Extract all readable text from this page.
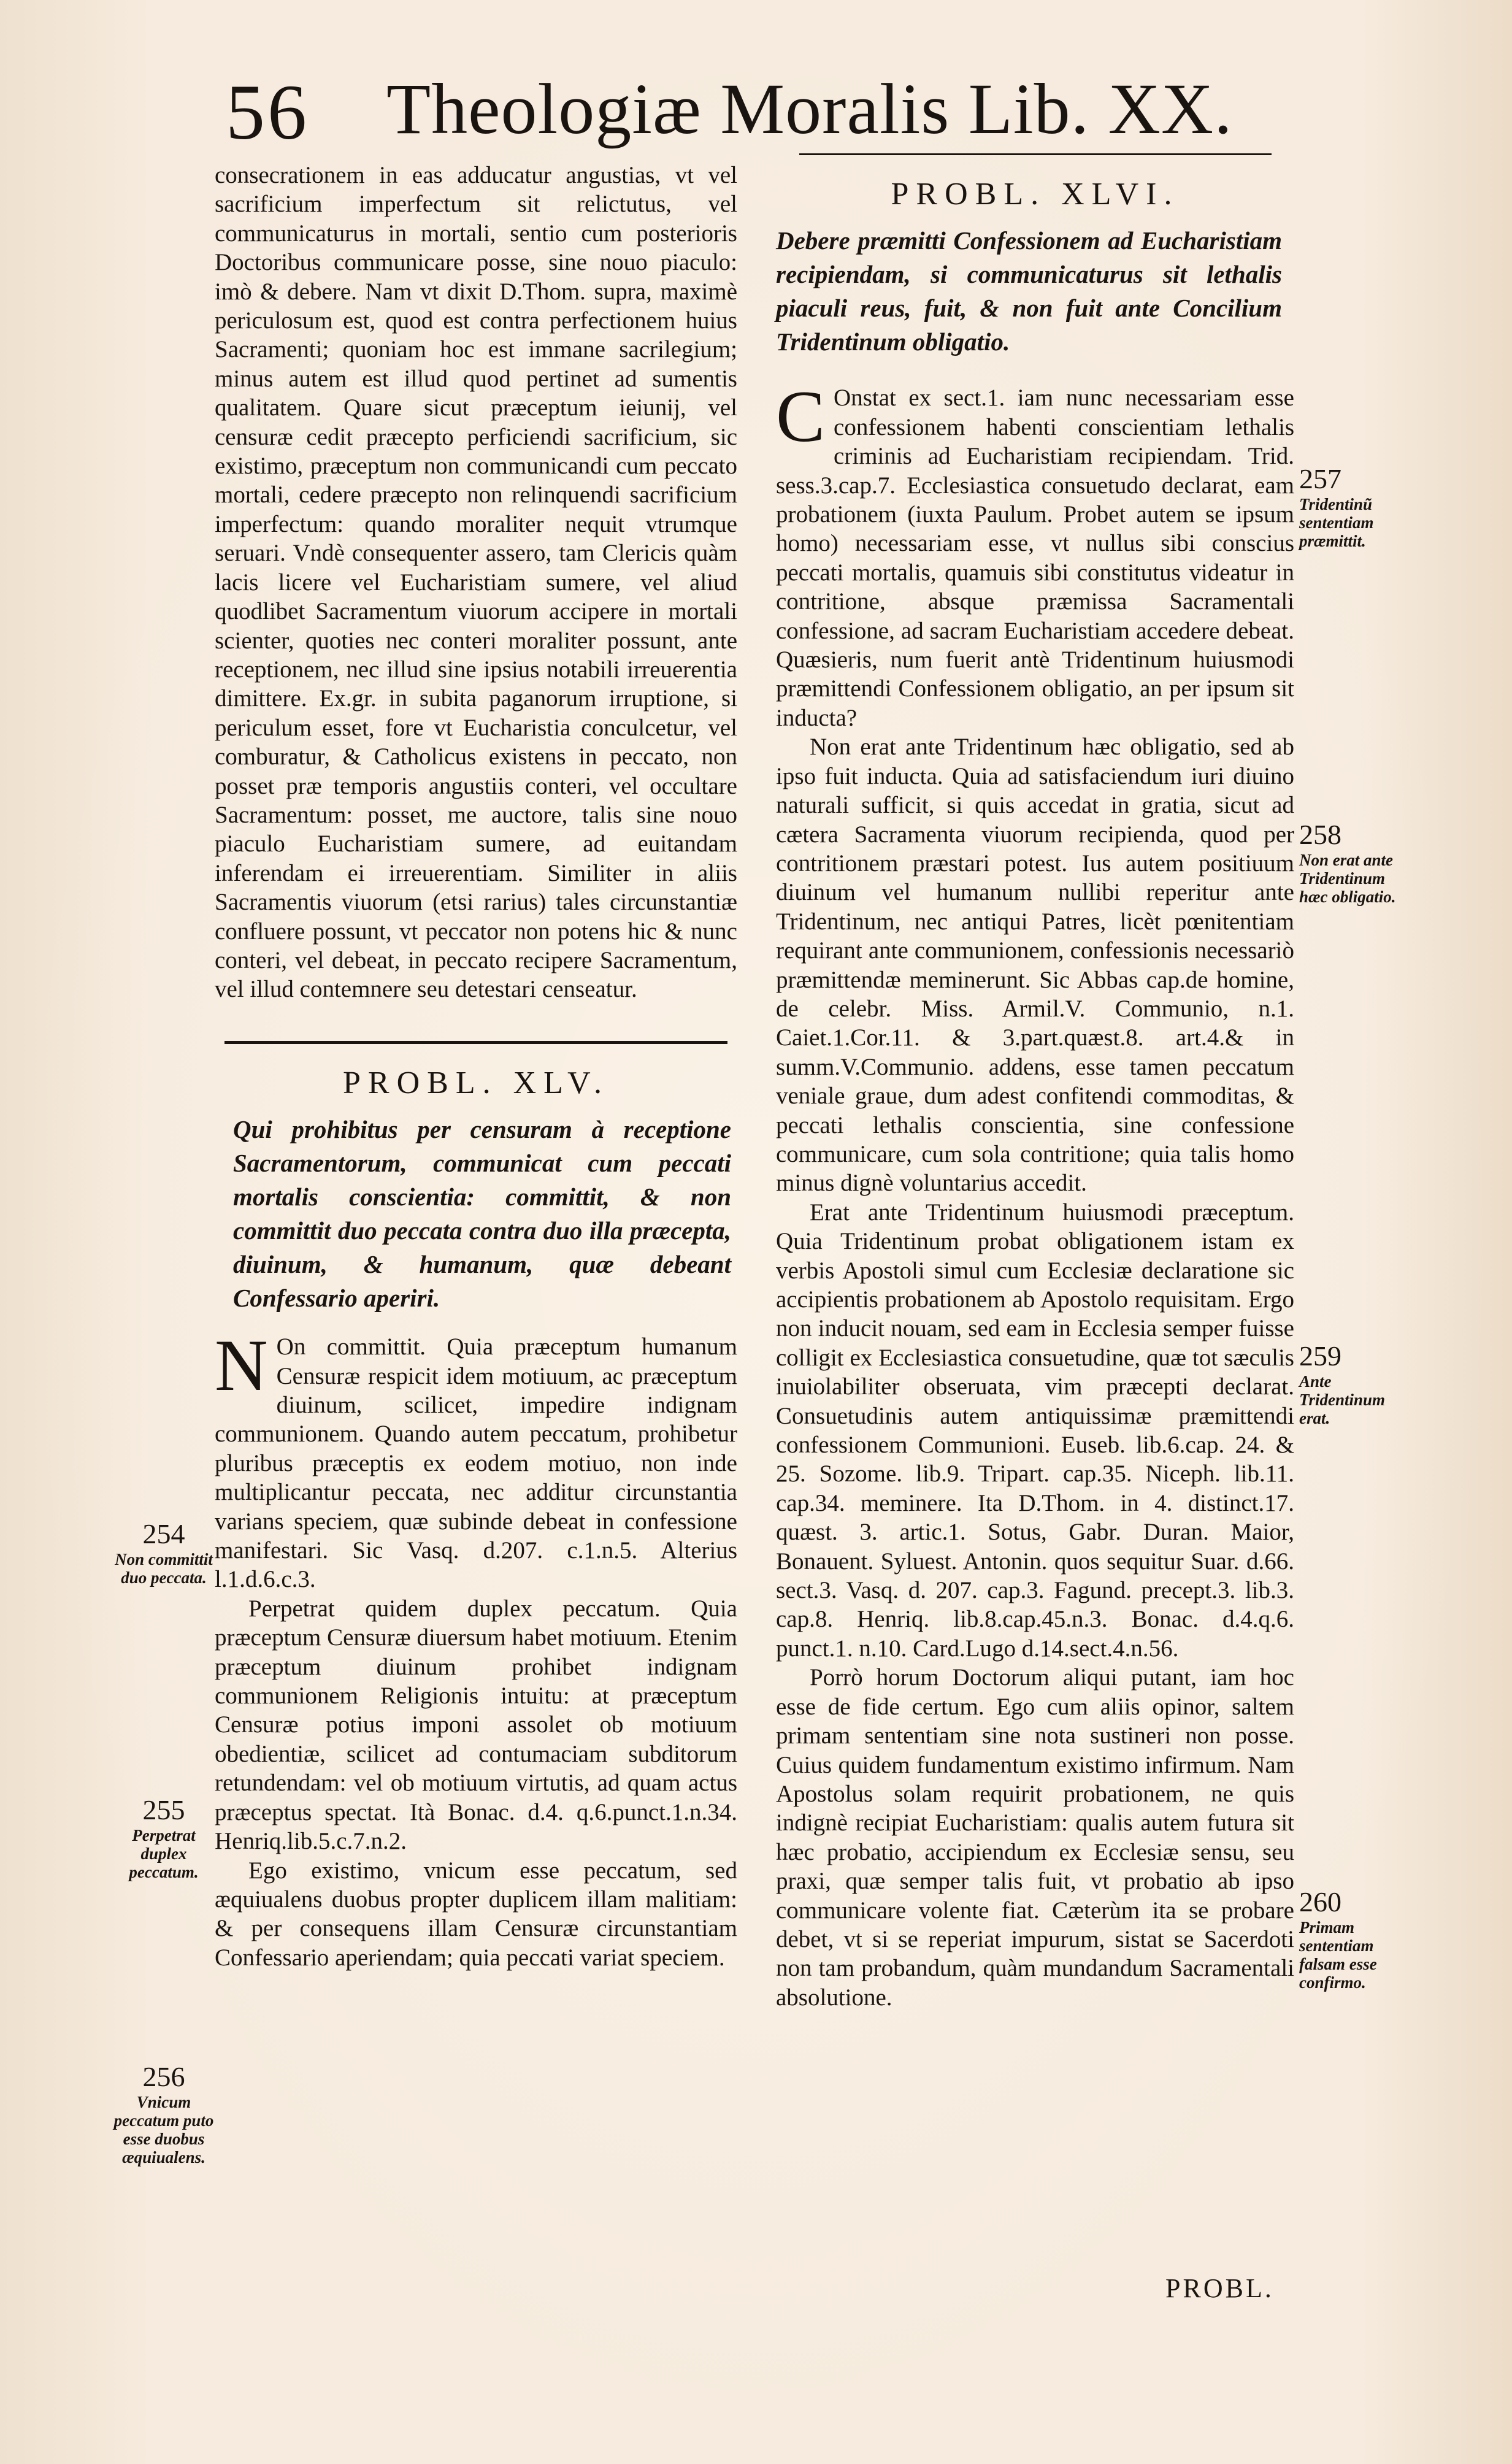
56 Theologiæ Moralis Lib. XX.

consecrationem in eas adducatur angustias, vt vel sacrificium imperfectum sit relictutus, vel communicaturus in mortali, sentio cum posterioris Doctoribus communicare posse, sine nouo piaculo: imò & debere. Nam vt dixit D.Thom. supra, maximè periculosum est, quod est contra perfectionem huius Sacramenti; quoniam hoc est immane sacrilegium; minus autem est illud quod pertinet ad sumentis qualitatem. Quare sicut præceptum ieiunij, vel censuræ cedit præcepto perficiendi sacrificium, sic existimo, præceptum non communicandi cum peccato mortali, cedere præcepto non relinquendi sacrificium imperfectum: quando moraliter nequit vtrumque seruari. Vndè consequenter assero, tam Clericis quàm lacis licere vel Eucharistiam sumere, vel aliud quodlibet Sacramentum viuorum accipere in mortali scienter, quoties nec conteri moraliter possunt, ante receptionem, nec illud sine ipsius notabili irreuerentia dimittere. Ex.gr. in subita paganorum irruptione, si periculum esset, fore vt Eucharistia conculcetur, vel comburatur, & Catholicus existens in peccato, non posset præ temporis angustiis conteri, vel occultare Sacramentum: posset, me auctore, talis sine nouo piaculo Eucharistiam sumere, ad euitandam inferendam ei irreuerentiam. Similiter in aliis Sacramentis viuorum (etsi rarius) tales circunstantiæ confluere possunt, vt peccator non potens hic & nunc conteri, vel debeat, in peccato recipere Sacramentum, vel illud contemnere seu detestari censeatur.

PROBL. XLV.

Qui prohibitus per censuram à receptione Sacramentorum, communicat cum peccati mortalis conscientia: committit, & non committit duo peccata contra duo illa præcepta, diuinum, & humanum, quæ debeant Confessario aperiri.

N On committit. Quia præceptum humanum Censuræ respicit idem motiuum, ac præceptum diuinum, scilicet, impedire indignam communionem. Quando autem peccatum, prohibetur pluribus præceptis ex eodem motiuo, non inde multiplicantur peccata, nec additur circunstantia varians speciem, quæ subinde debeat in confessione manifestari. Sic Vasq. d.207. c.1.n.5. Alterius l.1.d.6.c.3.

Perpetrat quidem duplex peccatum. Quia præceptum Censuræ diuersum habet motiuum. Etenim præceptum diuinum prohibet indignam communionem Religionis intuitu: at præceptum Censuræ potius imponi assolet ob motiuum obedientiæ, scilicet ad contumaciam subditorum retundendam: vel ob motiuum virtutis, ad quam actus præceptus spectat. Ità Bonac. d.4. q.6.punct.1.n.34. Henriq.lib.5.c.7.n.2.

Ego existimo, vnicum esse peccatum, sed æquiualens duobus propter duplicem illam malitiam: & per consequens illam Censuræ circunstantiam Confessario aperiendam; quia peccati variat speciem.

PROBL. XLVI.

Debere præmitti Confessionem ad Eucharistiam recipiendam, si communicaturus sit lethalis piaculi reus, fuit, & non fuit ante Concilium Tridentinum obligatio.

C Onstat ex sect.1. iam nunc necessariam esse confessionem habenti conscientiam lethalis criminis ad Eucharistiam recipiendam. Trid. sess.3.cap.7. Ecclesiastica consuetudo declarat, eam probationem (iuxta Paulum. Probet autem se ipsum homo) necessariam esse, vt nullus sibi conscius peccati mortalis, quamuis sibi constitutus videatur in contritione, absque præmissa Sacramentali confessione, ad sacram Eucharistiam accedere debeat. Quæsieris, num fuerit antè Tridentinum huiusmodi præmittendi Confessionem obligatio, an per ipsum sit inducta?

Non erat ante Tridentinum hæc obligatio, sed ab ipso fuit inducta. Quia ad satisfaciendum iuri diuino naturali sufficit, si quis accedat in gratia, sicut ad cætera Sacramenta viuorum recipienda, quod per contritionem præstari potest. Ius autem positiuum diuinum vel humanum nullibi reperitur ante Tridentinum, nec antiqui Patres, licèt pœnitentiam requirant ante communionem, confessionis necessariò præmittendæ meminerunt. Sic Abbas cap.de homine, de celebr. Miss. Armil.V. Communio, n.1. Caiet.1.Cor.11. & 3.part.quæst.8. art.4.& in summ.V.Communio. addens, esse tamen peccatum veniale graue, dum adest confitendi commoditas, & peccati lethalis conscientia, sine confessione communicare, cum sola contritione; quia talis homo minus dignè voluntarius accedit.

Erat ante Tridentinum huiusmodi præceptum. Quia Tridentinum probat obligationem istam ex verbis Apostoli simul cum Ecclesiæ declaratione sic accipientis probationem ab Apostolo requisitam. Ergo non inducit nouam, sed eam in Ecclesia semper fuisse colligit ex Ecclesiastica consuetudine, quæ tot sæculis inuiolabiliter obseruata, vim præcepti declarat. Consuetudinis autem antiquissimæ præmittendi confessionem Communioni. Euseb. lib.6.cap. 24. & 25. Sozome. lib.9. Tripart. cap.35. Niceph. lib.11. cap.34. meminere. Ita D.Thom. in 4. distinct.17. quæst. 3. artic.1. Sotus, Gabr. Duran. Maior, Bonauent. Syluest. Antonin. quos sequitur Suar. d.66. sect.3. Vasq. d. 207. cap.3. Fagund. precept.3. lib.3. cap.8. Henriq. lib.8.cap.45.n.3. Bonac. d.4.q.6. punct.1. n.10. Card.Lugo d.14.sect.4.n.56.

Porrò horum Doctorum aliqui putant, iam hoc esse de fide certum. Ego cum aliis opinor, saltem primam sententiam sine nota sustineri non posse. Cuius quidem fundamentum existimo infirmum. Nam Apostolus solam requirit probationem, ne quis indignè recipiat Eucharistiam: qualis autem futura sit hæc probatio, accipiendum ex Ecclesiæ sensu, seu praxi, quæ semper talis fuit, vt probatio ab ipso communicare volente fiat. Cæterùm ita se probare debet, vt si se reperiat impurum, sistat se Sacerdoti non tam probandum, quàm mundandum Sacramentali absolutione.

254
Non committit duo peccata.
255
Perpetrat duplex peccatum.
256
Vnicum peccatum puto esse duobus æquiualens.
257
Tridentinũ sententiam præmittit.
258
Non erat ante Tridentinum hæc obligatio.
259
Ante Tridentinum erat.
260
Primam sententiam falsam esse confirmo.
PROBL.
